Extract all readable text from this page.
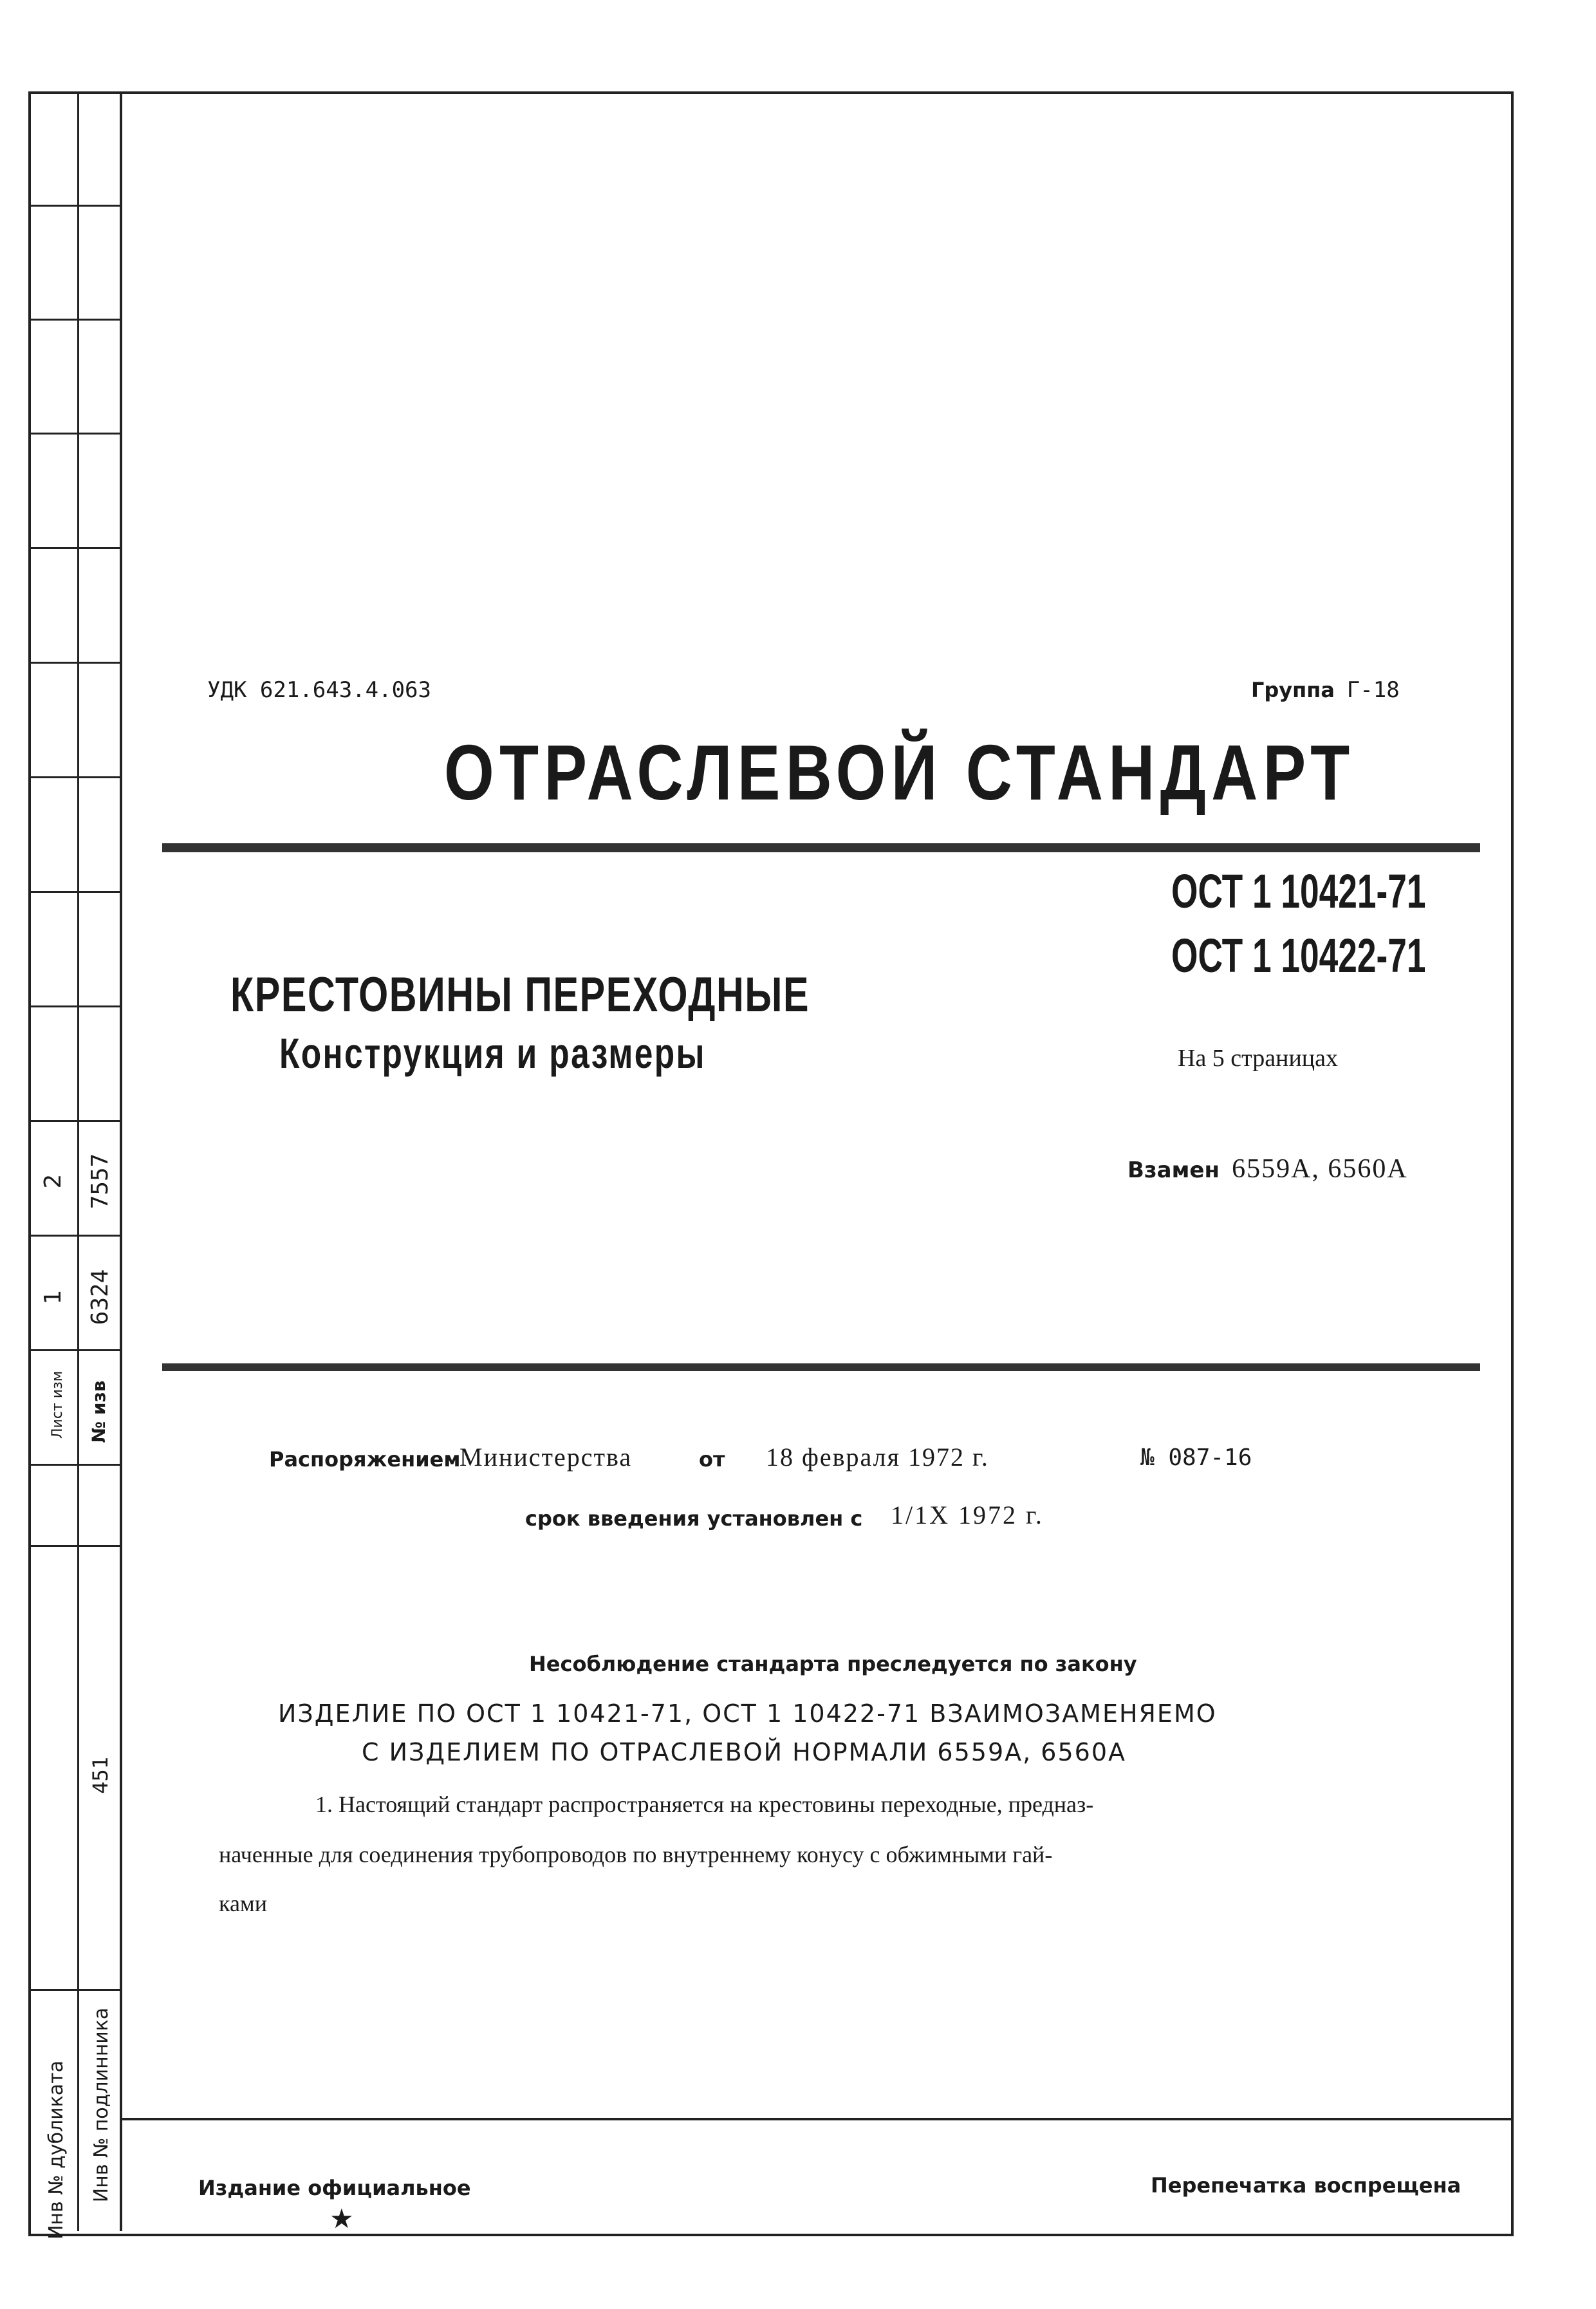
2 7557
1 6324
Лист изм № изв
451
Инв № дубликата Инв № подлинника
УДК 621.643.4.063	Группа Г-18
ОТРАСЛЕВОЙ СТАНДАРТ
ОСТ 1 10421-71
ОСТ 1 10422-71
КРЕСТОВИНЫ ПЕРЕХОДНЫЕ
Конструкция и размеры	На 5 страницах
Взамен 6559А, 6560А
Распоряжением
Министерства	от 18 февраля 1972 г.	№ 087-16
срок введения установлен с 1/1X 1972 г.
Несоблюдение стандарта преследуется по закону
ИЗДЕЛИЕ ПО ОСТ 1 10421-71, ОСТ 1 10422-71 ВЗАИМОЗАМЕНЯЕМО
С ИЗДЕЛИЕМ ПО ОТРАСЛЕВОЙ НОРМАЛИ 6559А, 6560А
1. Настоящий стандарт распространяется на крестовины переходные, предназ-
наченные для соединения трубопроводов по внутреннему конусу с обжимными гай-
ками
Издание официальное
★
Перепечатка воспрещена
